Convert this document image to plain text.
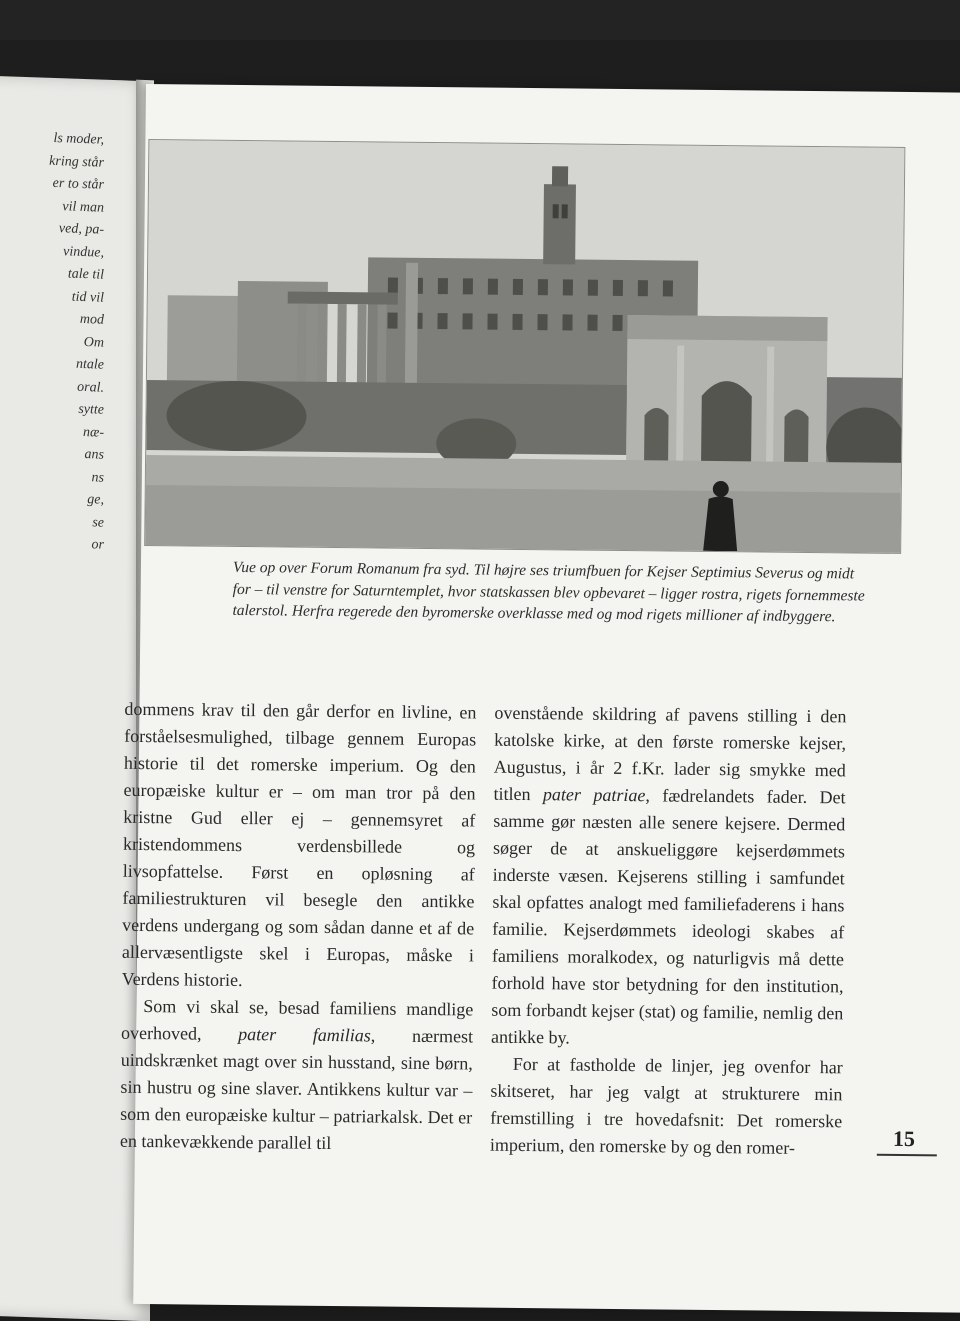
ls moder,
kring står
er to står
vil man
ved, pa-
vindue,
tale til
tid vil
mod
Om
ntale
oral.
sytte
næ-
ans
ns
ge,
se
or
Vue op over Forum Romanum fra syd. Til højre ses triumfbuen for Kejser Septimius Severus og midt for – til venstre for Saturntemplet, hvor statskassen blev opbevaret – ligger rostra, rigets fornemmeste talerstol. Herfra regerede den byromerske overklasse med og mod rigets millioner af indbyggere.

dommens krav til den går derfor en livline, en forståelsesmulighed, tilbage gennem Europas historie til det romerske imperium. Og den europæiske kultur er – om man tror på den kristne Gud eller ej – gennemsyret af kristendommens verdensbillede og livsopfattelse. Først en opløsning af familiestrukturen vil besegle den antikke verdens undergang og som sådan danne et af de allervæsentligste skel i Europas, måske i Verdens historie.

Som vi skal se, besad familiens mandlige overhoved, pater familias, nærmest uindskrænket magt over sin husstand, sine børn, sin hustru og sine slaver. Antikkens kultur var – som den europæiske kultur – patriarkalsk. Det er en tankevækkende parallel til

ovenstående skildring af pavens stilling i den katolske kirke, at den første romerske kejser, Augustus, i år 2 f.Kr. lader sig smykke med titlen pater patriae, fædrelandets fader. Det samme gør næsten alle senere kejsere. Dermed søger de at anskueliggøre kejserdømmets inderste væsen. Kejserens stilling i samfundet skal opfattes analogt med familiefaderens i hans familie. Kejserdømmets ideologi skabes af familiens moralkodex, og naturligvis må dette forhold have stor betydning for den institution, som forbandt kejser (stat) og familie, nemlig den antikke by.

For at fastholde de linjer, jeg ovenfor har skitseret, har jeg valgt at strukturere min fremstilling i tre hovedafsnit: Det romerske imperium, den romerske by og den romer-	15
